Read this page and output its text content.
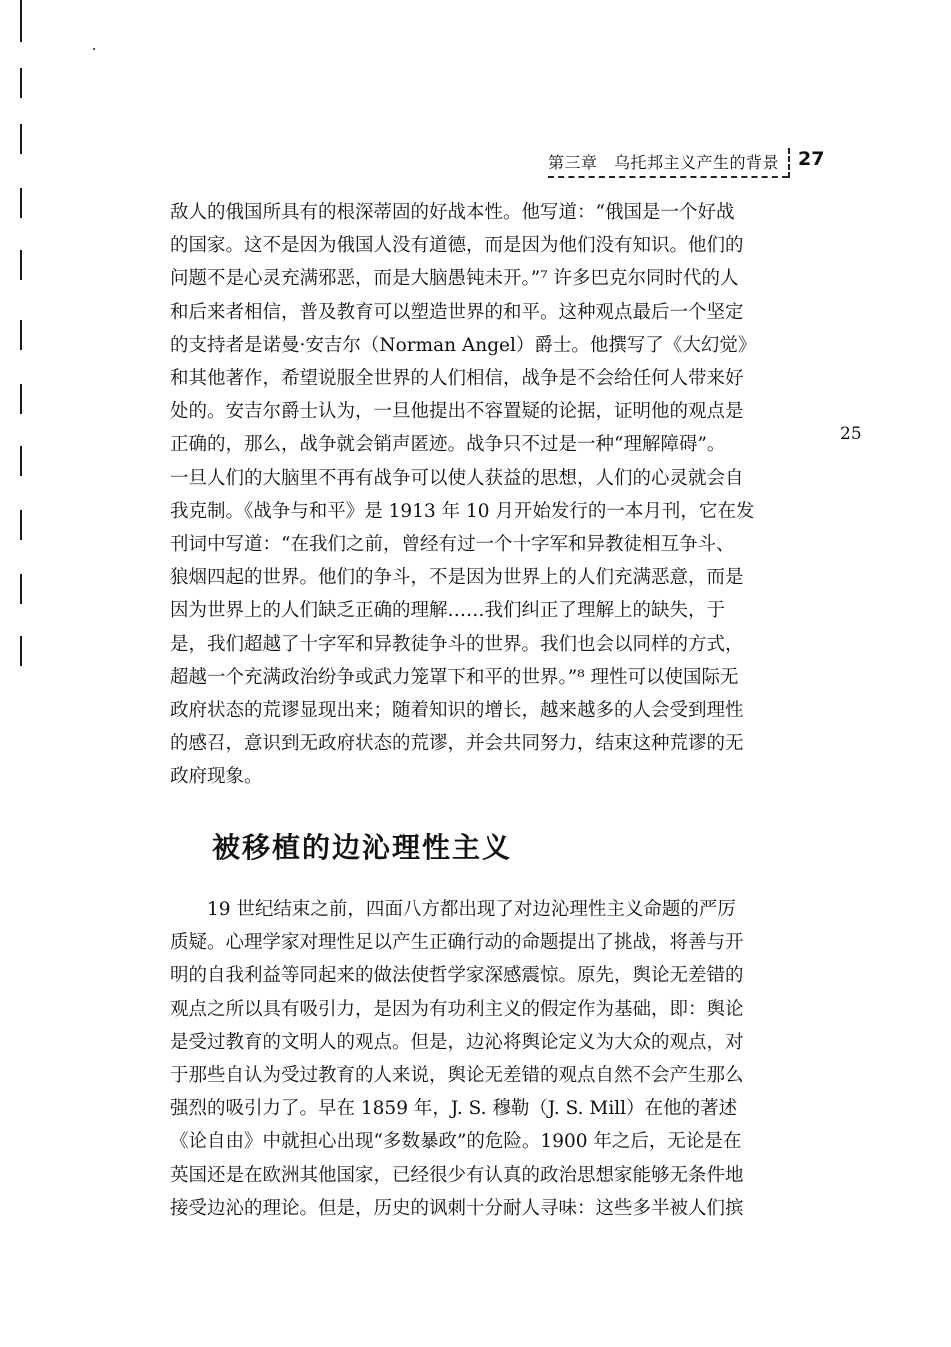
第三章　乌托邦主义产生的背景 27

敌人的俄国所具有的根深蒂固的好战本性。他写道：“俄国是一个好战
的国家。这不是因为俄国人没有道德，而是因为他们没有知识。他们的
问题不是心灵充满邪恶，而是大脑愚钝未开。”⁷ 许多巴克尔同时代的人
和后来者相信，普及教育可以塑造世界的和平。这种观点最后一个坚定
的支持者是诺曼·安吉尔（Norman Angel）爵士。他撰写了《大幻觉》
和其他著作，希望说服全世界的人们相信，战争是不会给任何人带来好
处的。安吉尔爵士认为，一旦他提出不容置疑的论据，证明他的观点是
正确的，那么，战争就会销声匿迹。战争只不过是一种“理解障碍”。
一旦人们的大脑里不再有战争可以使人获益的思想，人们的心灵就会自
我克制。《战争与和平》是 1913 年 10 月开始发行的一本月刊，它在发
刊词中写道：“在我们之前，曾经有过一个十字军和异教徒相互争斗、
狼烟四起的世界。他们的争斗，不是因为世界上的人们充满恶意，而是
因为世界上的人们缺乏正确的理解……我们纠正了理解上的缺失，于
是，我们超越了十字军和异教徒争斗的世界。我们也会以同样的方式，
超越一个充满政治纷争或武力笼罩下和平的世界。”⁸ 理性可以使国际无
政府状态的荒谬显现出来；随着知识的增长，越来越多的人会受到理性
的感召，意识到无政府状态的荒谬，并会共同努力，结束这种荒谬的无
政府现象。

25
被移植的边沁理性主义

　　19 世纪结束之前，四面八方都出现了对边沁理性主义命题的严厉
质疑。心理学家对理性足以产生正确行动的命题提出了挑战，将善与开
明的自我利益等同起来的做法使哲学家深感震惊。原先，舆论无差错的
观点之所以具有吸引力，是因为有功利主义的假定作为基础，即：舆论
是受过教育的文明人的观点。但是，边沁将舆论定义为大众的观点，对
于那些自认为受过教育的人来说，舆论无差错的观点自然不会产生那么
强烈的吸引力了。早在 1859 年，J. S. 穆勒（J. S. Mill）在他的著述
《论自由》中就担心出现“多数暴政”的危险。1900 年之后，无论是在
英国还是在欧洲其他国家，已经很少有认真的政治思想家能够无条件地
接受边沁的理论。但是，历史的讽刺十分耐人寻味：这些多半被人们摈
